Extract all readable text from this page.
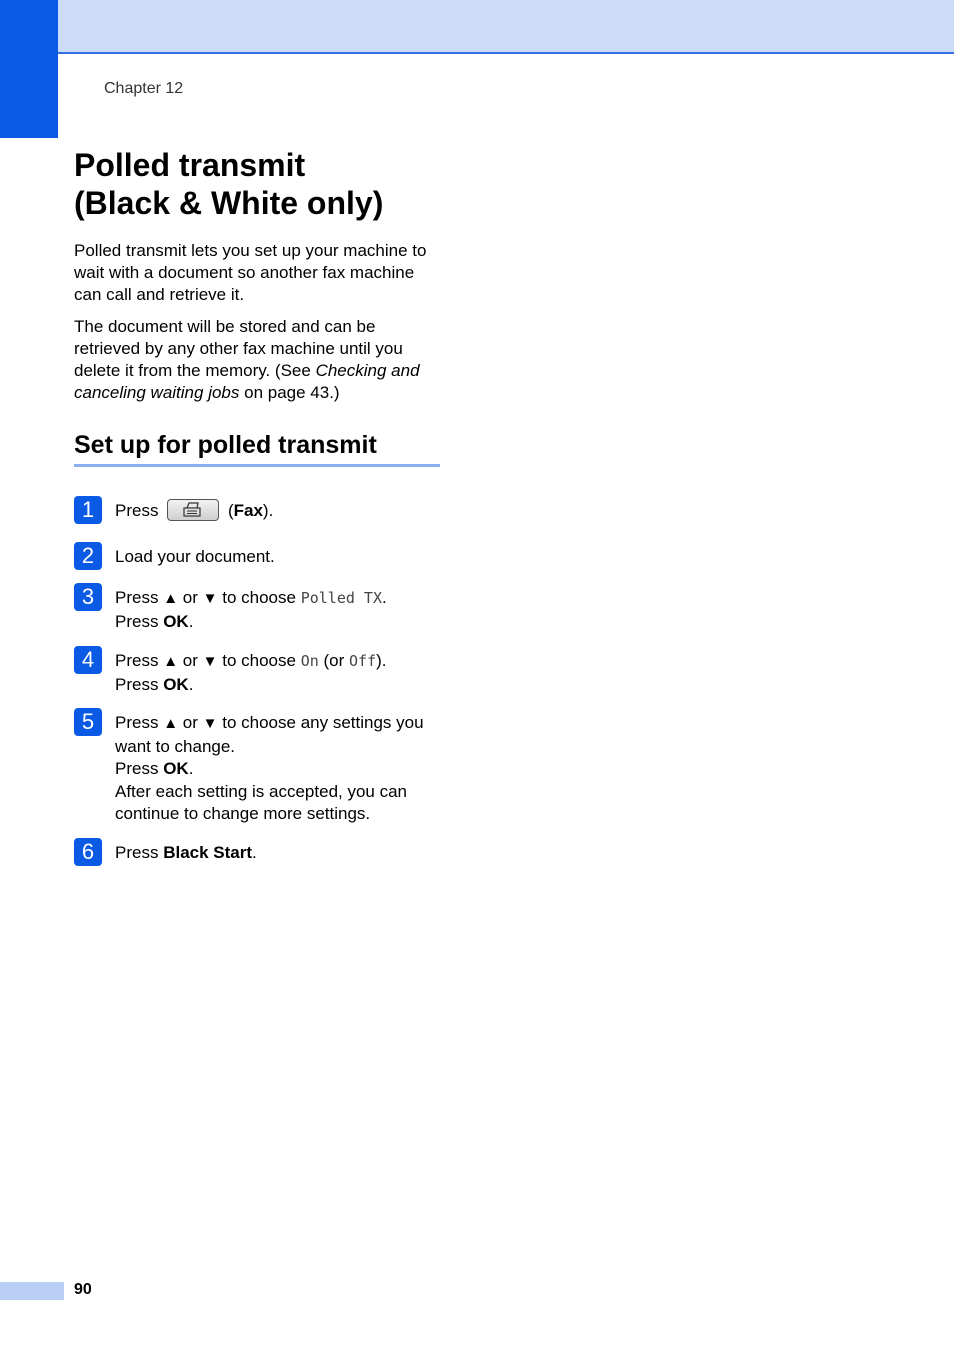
Chapter 12
Polled transmit
(Black & White only)

Polled transmit lets you set up your machine to wait with a document so another fax machine can call and retrieve it.

The document will be stored and can be retrieved by any other fax machine until you delete it from the memory. (See Checking and canceling waiting jobs on page 43.)

Set up for polled transmit
1	Press	(Fax).
2	Load your document.
3	Press ▲ or ▼ to choose Polled TX.
Press OK.
4	Press ▲ or ▼ to choose On (or Off).
Press OK.
5	Press ▲ or ▼ to choose any settings you want to change.
Press OK.
After each setting is accepted, you can continue to change more settings.
6	Press Black Start.
90
